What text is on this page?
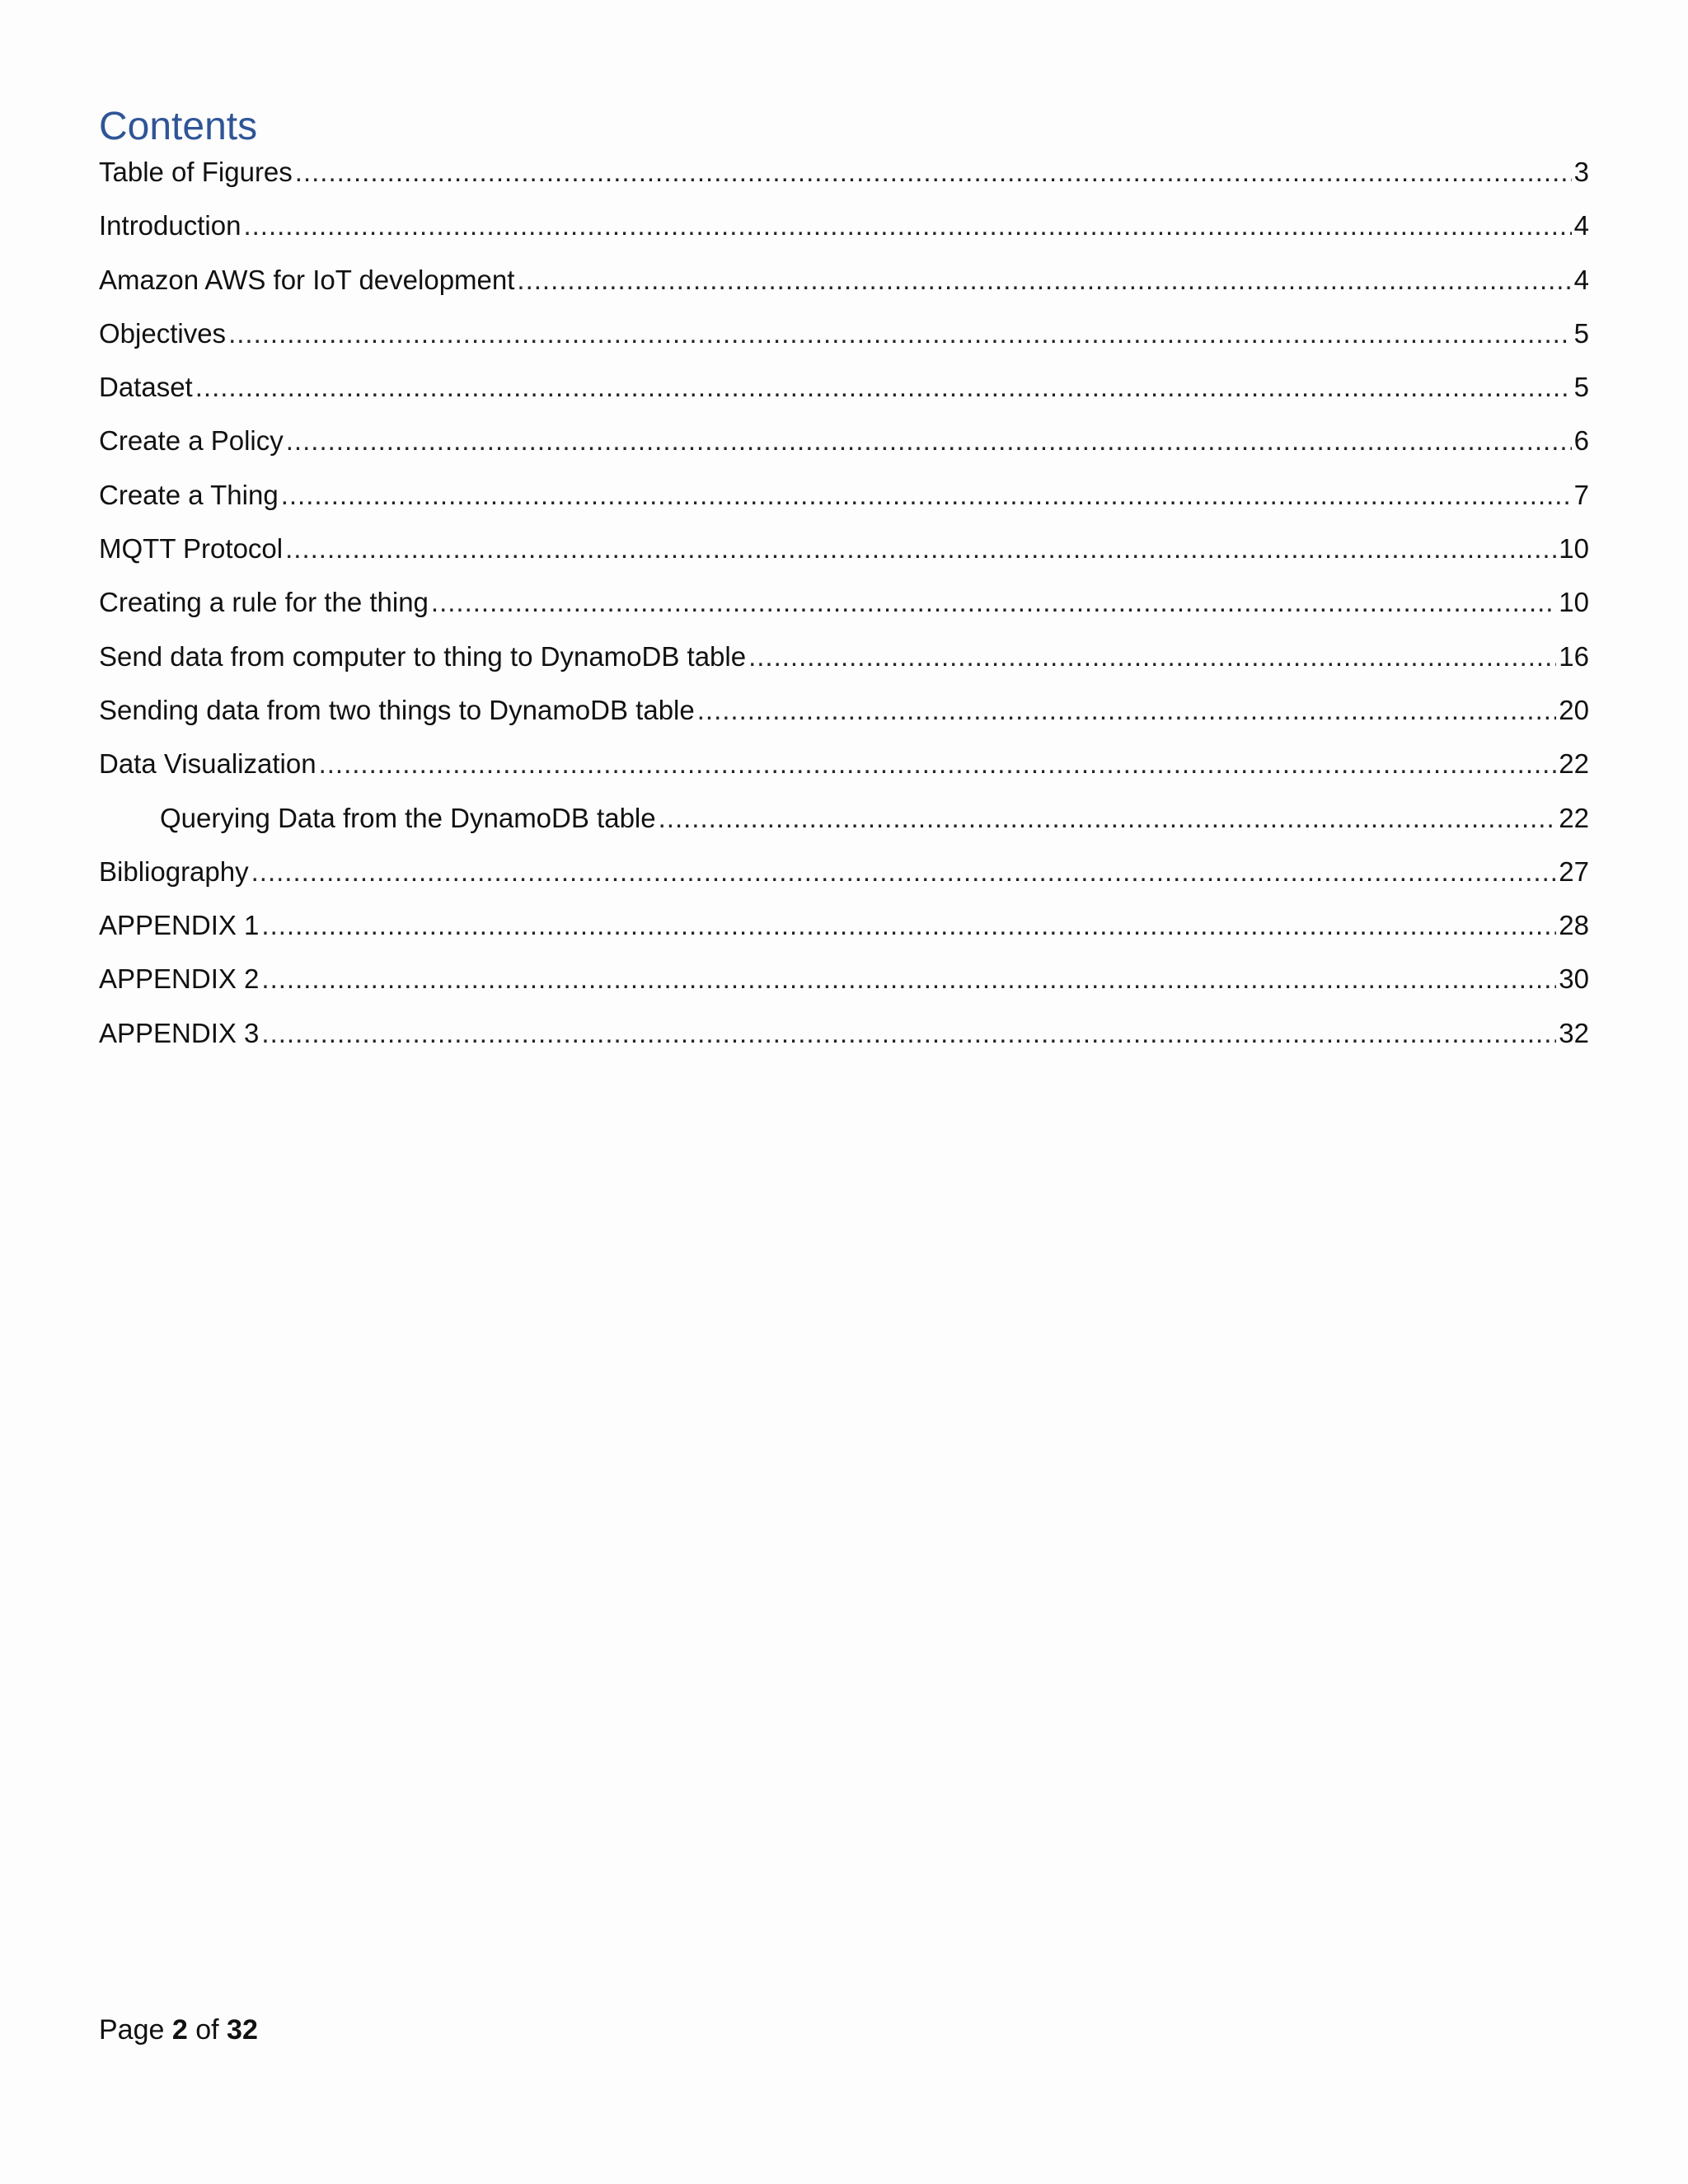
Contents
Table of Figures .....	3
Introduction .....	4
Amazon AWS for IoT development .....	4
Objectives .....	5
Dataset .....	5
Create a Policy .....	6
Create a Thing .....	7
MQTT Protocol .....	10
Creating a rule for the thing .....	10
Send data from computer to thing to DynamoDB table .....	16
Sending data from two things to DynamoDB table .....	20
Data Visualization .....	22
Querying Data from the DynamoDB table .....	22
Bibliography .....	27
APPENDIX 1 .....	28
APPENDIX 2 .....	30
APPENDIX 3 .....	32
Page 2 of 32
